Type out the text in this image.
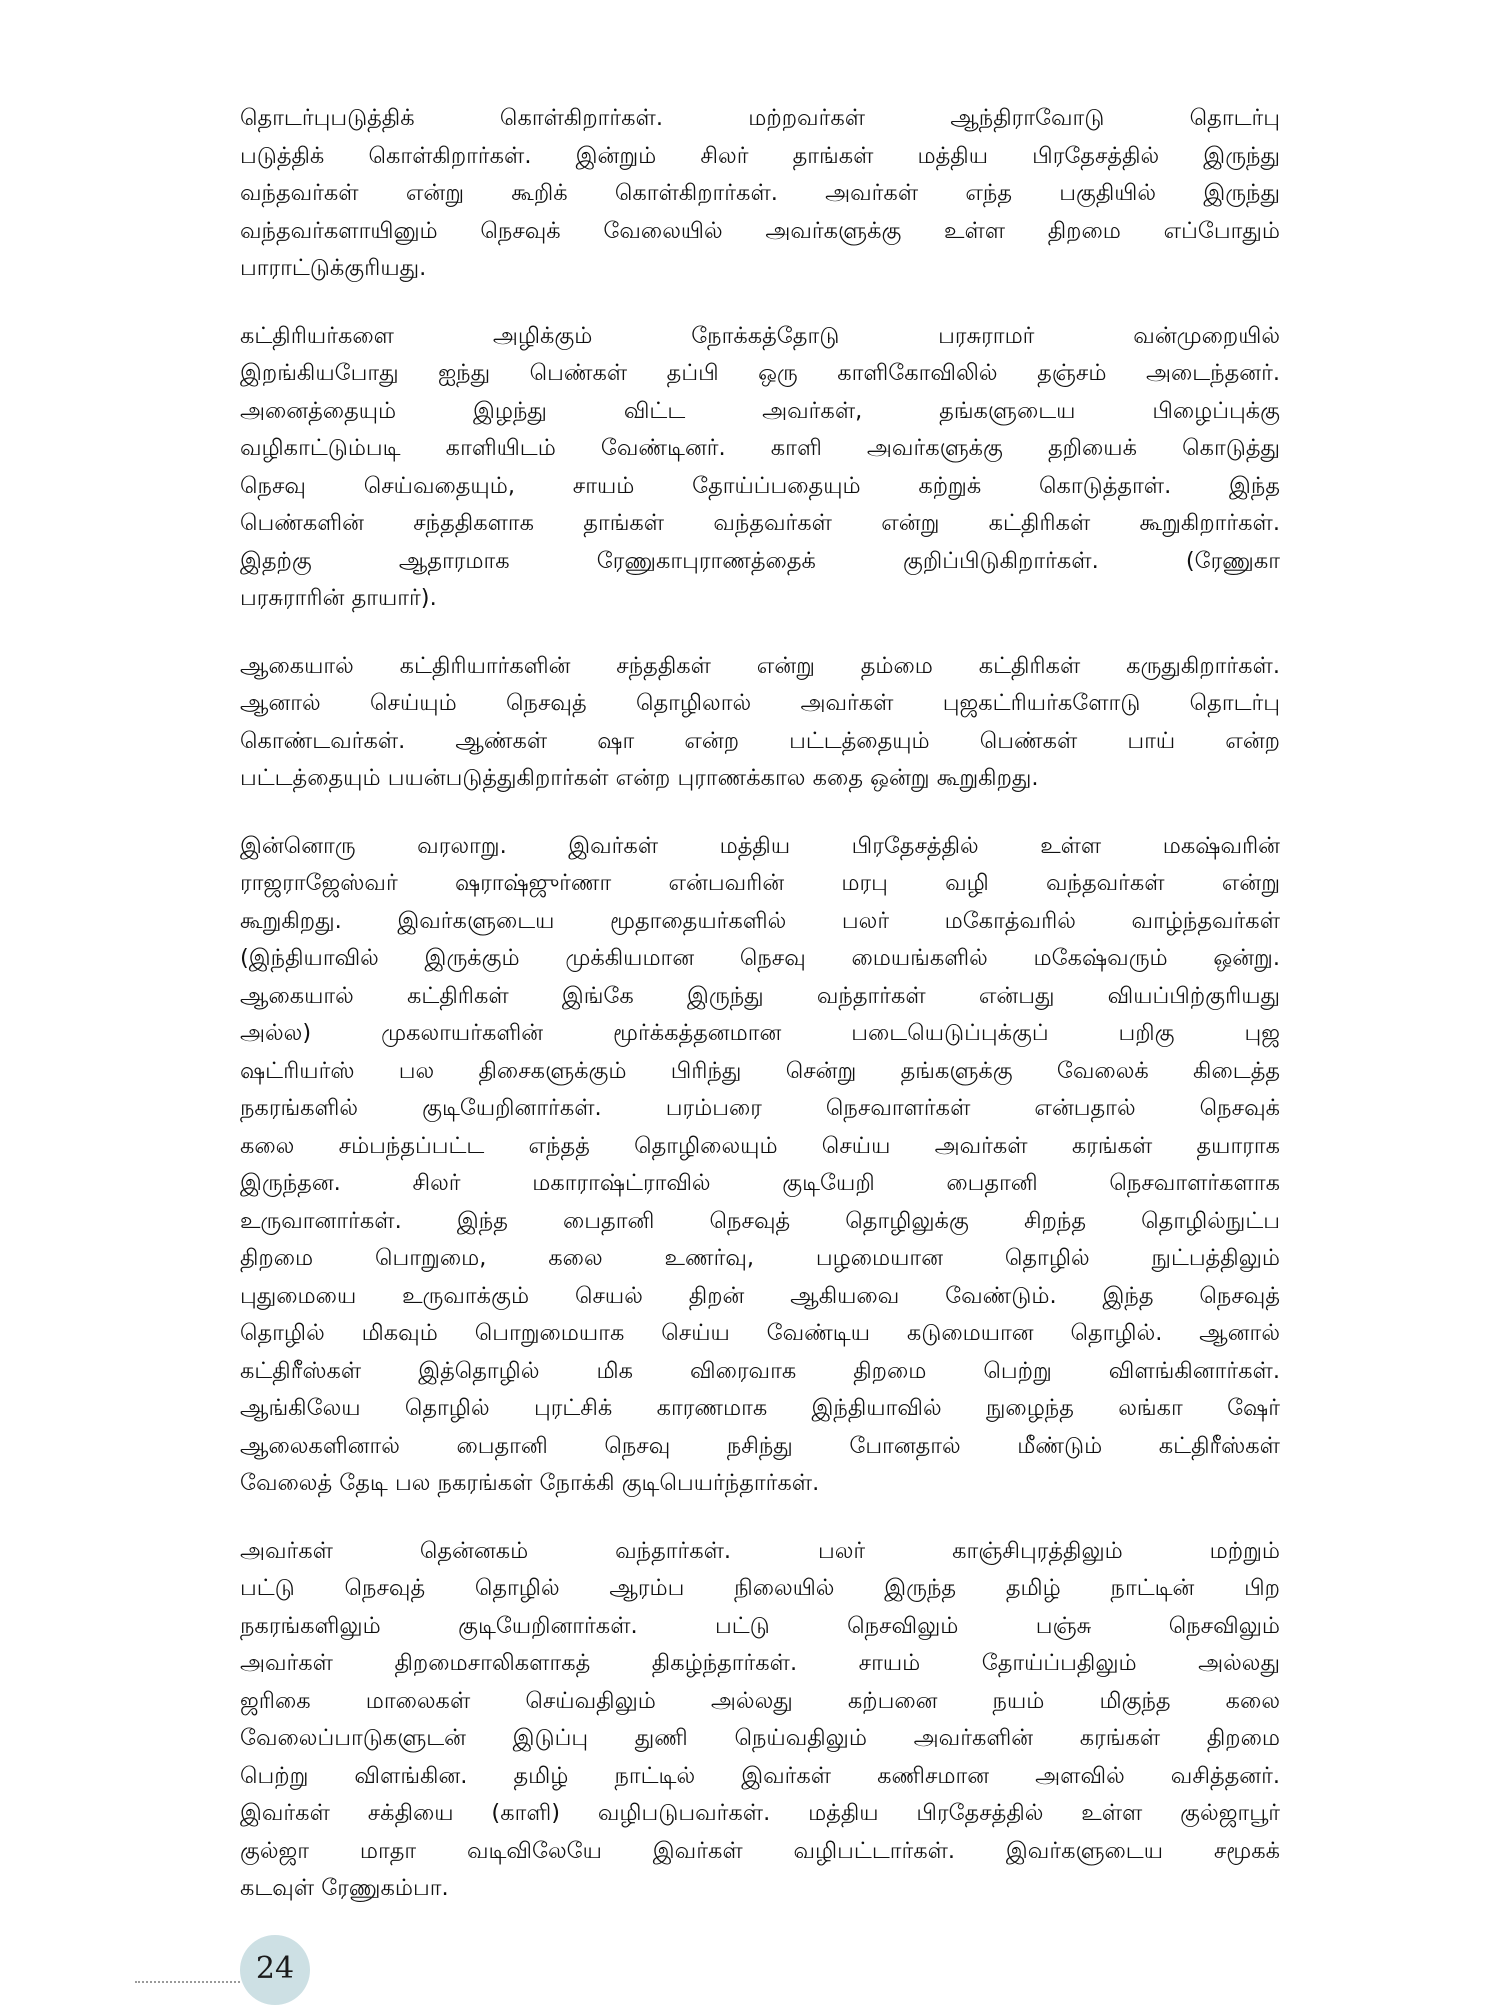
தொடர்புபடுத்திக் கொள்கிறார்கள். மற்றவர்கள் ஆந்திராவோடு தொடர்பு
படுத்திக் கொள்கிறார்கள். இன்றும் சிலர் தாங்கள் மத்திய பிரதேசத்தில் இருந்து
வந்தவர்கள் என்று கூறிக் கொள்கிறார்கள். அவர்கள் எந்த பகுதியில் இருந்து
வந்தவர்களாயினும் நெசவுக் வேலையில் அவர்களுக்கு உள்ள திறமை எப்போதும்
பாராட்டுக்குரியது.

கட்திரியர்களை அழிக்கும் நோக்கத்தோடு பரசுராமர் வன்முறையில்
இறங்கியபோது ஐந்து பெண்கள் தப்பி ஒரு காளிகோவிலில் தஞ்சம் அடைந்தனர்.
அனைத்தையும் இழந்து விட்ட அவர்கள், தங்களுடைய பிழைப்புக்கு
வழிகாட்டும்படி காளியிடம் வேண்டினர். காளி அவர்களுக்கு தறியைக் கொடுத்து
நெசவு செய்வதையும், சாயம் தோய்ப்பதையும் கற்றுக் கொடுத்தாள். இந்த
பெண்களின் சந்ததிகளாக தாங்கள் வந்தவர்கள் என்று கட்திரிகள் கூறுகிறார்கள்.
இதற்கு ஆதாரமாக ரேணுகாபுராணத்தைக் குறிப்பிடுகிறார்கள். (ரேணுகா
பரசுராரின் தாயார்).

ஆகையால் கட்திரியார்களின் சந்ததிகள் என்று தம்மை கட்திரிகள் கருதுகிறார்கள்.
ஆனால் செய்யும் நெசவுத் தொழிலால் அவர்கள் புஜகட்ரியர்களோடு தொடர்பு
கொண்டவர்கள். ஆண்கள் ஷா என்ற பட்டத்தையும் பெண்கள் பாய் என்ற
பட்டத்தையும் பயன்படுத்துகிறார்கள் என்ற புராணக்கால கதை ஒன்று கூறுகிறது.

இன்னொரு வரலாறு. இவர்கள் மத்திய பிரதேசத்தில் உள்ள மகஷ்வரின்
ராஜராஜேஸ்வர் ஷராஷ்ஜுர்ணா என்பவரின் மரபு வழி வந்தவர்கள் என்று
கூறுகிறது. இவர்களுடைய மூதாதையர்களில் பலர் மகோத்வரில் வாழ்ந்தவர்கள்
(இந்தியாவில் இருக்கும் முக்கியமான நெசவு மையங்களில் மகேஷ்வரும் ஒன்று.
ஆகையால் கட்திரிகள் இங்கே இருந்து வந்தார்கள் என்பது வியப்பிற்குரியது
அல்ல) முகலாயர்களின் மூர்க்கத்தனமான படையெடுப்புக்குப் பறிகு புஜ
ஷட்ரியர்ஸ் பல திசைகளுக்கும் பிரிந்து சென்று தங்களுக்கு வேலைக் கிடைத்த
நகரங்களில் குடியேறினார்கள். பரம்பரை நெசவாளர்கள் என்பதால் நெசவுக்
கலை சம்பந்தப்பட்ட எந்தத் தொழிலையும் செய்ய அவர்கள் கரங்கள் தயாராக
இருந்தன. சிலர் மகாராஷ்ட்ராவில் குடியேறி பைதானி நெசவாளர்களாக
உருவானார்கள். இந்த பைதானி நெசவுத் தொழிலுக்கு சிறந்த தொழில்நுட்ப
திறமை பொறுமை, கலை உணர்வு, பழமையான தொழில் நுட்பத்திலும்
புதுமையை உருவாக்கும் செயல் திறன் ஆகியவை வேண்டும். இந்த நெசவுத்
தொழில் மிகவும் பொறுமையாக செய்ய வேண்டிய கடுமையான தொழில். ஆனால்
கட்திரீஸ்கள் இத்தொழில் மிக விரைவாக திறமை பெற்று விளங்கினார்கள்.
ஆங்கிலேய தொழில் புரட்சிக் காரணமாக இந்தியாவில் நுழைந்த லங்கா ஷேர்
ஆலைகளினால் பைதானி நெசவு நசிந்து போனதால் மீண்டும் கட்திரீஸ்கள்
வேலைத் தேடி பல நகரங்கள் நோக்கி குடிபெயர்ந்தார்கள்.

அவர்கள் தென்னகம் வந்தார்கள். பலர் காஞ்சிபுரத்திலும் மற்றும்
பட்டு நெசவுத் தொழில் ஆரம்ப நிலையில் இருந்த தமிழ் நாட்டின் பிற
நகரங்களிலும் குடியேறினார்கள். பட்டு நெசவிலும் பஞ்சு நெசவிலும்
அவர்கள் திறமைசாலிகளாகத் திகழ்ந்தார்கள். சாயம் தோய்ப்பதிலும் அல்லது
ஜரிகை மாலைகள் செய்வதிலும் அல்லது கற்பனை நயம் மிகுந்த கலை
வேலைப்பாடுகளுடன் இடுப்பு துணி நெய்வதிலும் அவர்களின் கரங்கள் திறமை
பெற்று விளங்கின. தமிழ் நாட்டில் இவர்கள் கணிசமான அளவில் வசித்தனர்.
இவர்கள் சக்தியை (காளி) வழிபடுபவர்கள். மத்திய பிரதேசத்தில் உள்ள குல்ஜாபூர்
குல்ஜா மாதா வடிவிலேயே இவர்கள் வழிபட்டார்கள். இவர்களுடைய சமூகக்
கடவுள் ரேணுகம்பா.

24
